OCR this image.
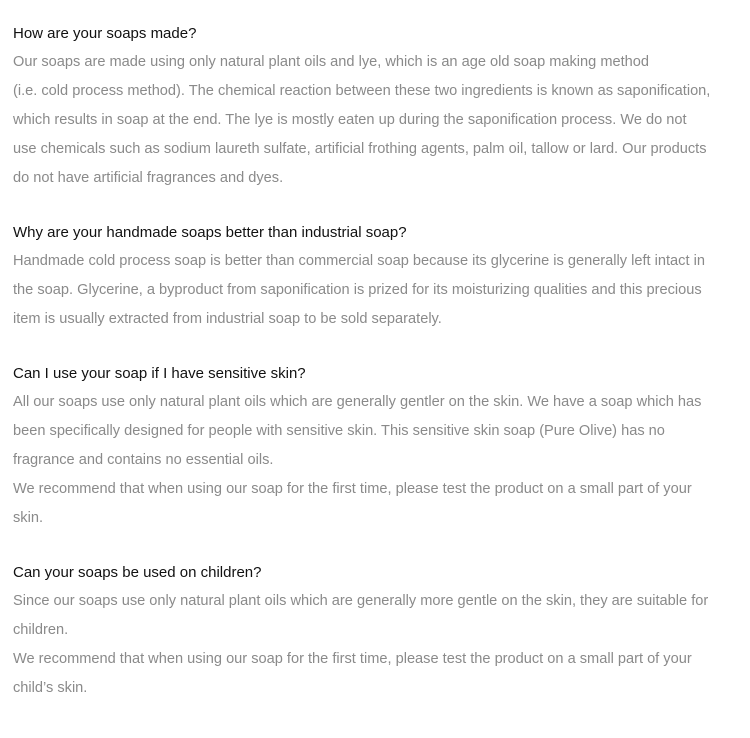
How are your soaps made?
Our soaps are made using only natural plant oils and lye, which is an age old soap making method
(i.e. cold process method). The chemical reaction between these two ingredients is known as saponification,
which results in soap at the end. The lye is mostly eaten up during the saponification process. We do not
use chemicals such as sodium laureth sulfate, artificial frothing agents, palm oil, tallow or lard. Our products
do not have artificial fragrances and dyes.
Why are your handmade soaps better than industrial soap?
Handmade cold process soap is better than commercial soap because its glycerine is generally left intact in
the soap. Glycerine, a byproduct from saponification is prized for its moisturizing qualities and this precious
item is usually extracted from industrial soap to be sold separately.
Can I use your soap if I have sensitive skin?
All our soaps use only natural plant oils which are generally gentler on the skin. We have a soap which has
been specifically designed for people with sensitive skin. This sensitive skin soap (Pure Olive) has no
fragrance and contains no essential oils.
We recommend that when using our soap for the first time, please test the product on a small part of your
skin.
Can your soaps be used on children?
Since our soaps use only natural plant oils which are generally more gentle on the skin, they are suitable for
children.
We recommend that when using our soap for the first time, please test the product on a small part of your
child’s skin.
